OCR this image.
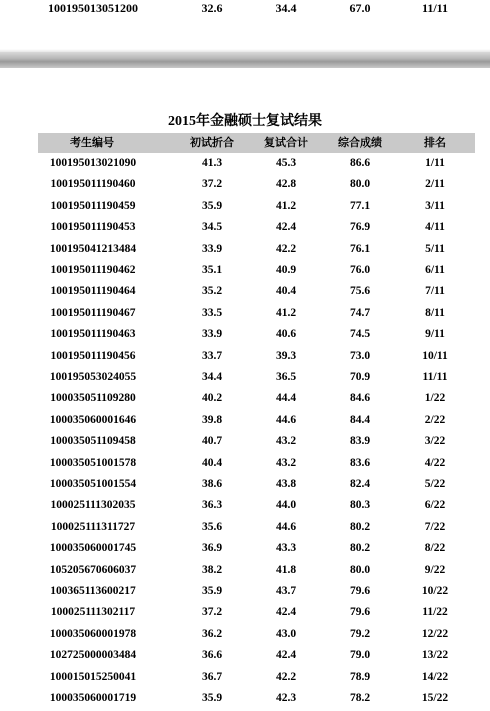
100195013051200	32.6	34.4	67.0	11/11
2015年金融硕士复试结果
考生编号	初试折合	复试合计	综合成绩	排名
100195013021090	41.3	45.3	86.6	1/11
100195011190460	37.2	42.8	80.0	2/11
100195011190459	35.9	41.2	77.1	3/11
100195011190453	34.5	42.4	76.9	4/11
100195041213484	33.9	42.2	76.1	5/11
100195011190462	35.1	40.9	76.0	6/11
100195011190464	35.2	40.4	75.6	7/11
100195011190467	33.5	41.2	74.7	8/11
100195011190463	33.9	40.6	74.5	9/11
100195011190456	33.7	39.3	73.0	10/11
100195053024055	34.4	36.5	70.9	11/11
100035051109280	40.2	44.4	84.6	1/22
100035060001646	39.8	44.6	84.4	2/22
100035051109458	40.7	43.2	83.9	3/22
100035051001578	40.4	43.2	83.6	4/22
100035051001554	38.6	43.8	82.4	5/22
100025111302035	36.3	44.0	80.3	6/22
100025111311727	35.6	44.6	80.2	7/22
100035060001745	36.9	43.3	80.2	8/22
105205670606037	38.2	41.8	80.0	9/22
100365113600217	35.9	43.7	79.6	10/22
100025111302117	37.2	42.4	79.6	11/22
100035060001978	36.2	43.0	79.2	12/22
102725000003484	36.6	42.4	79.0	13/22
100015015250041	36.7	42.2	78.9	14/22
100035060001719	35.9	42.3	78.2	15/22
